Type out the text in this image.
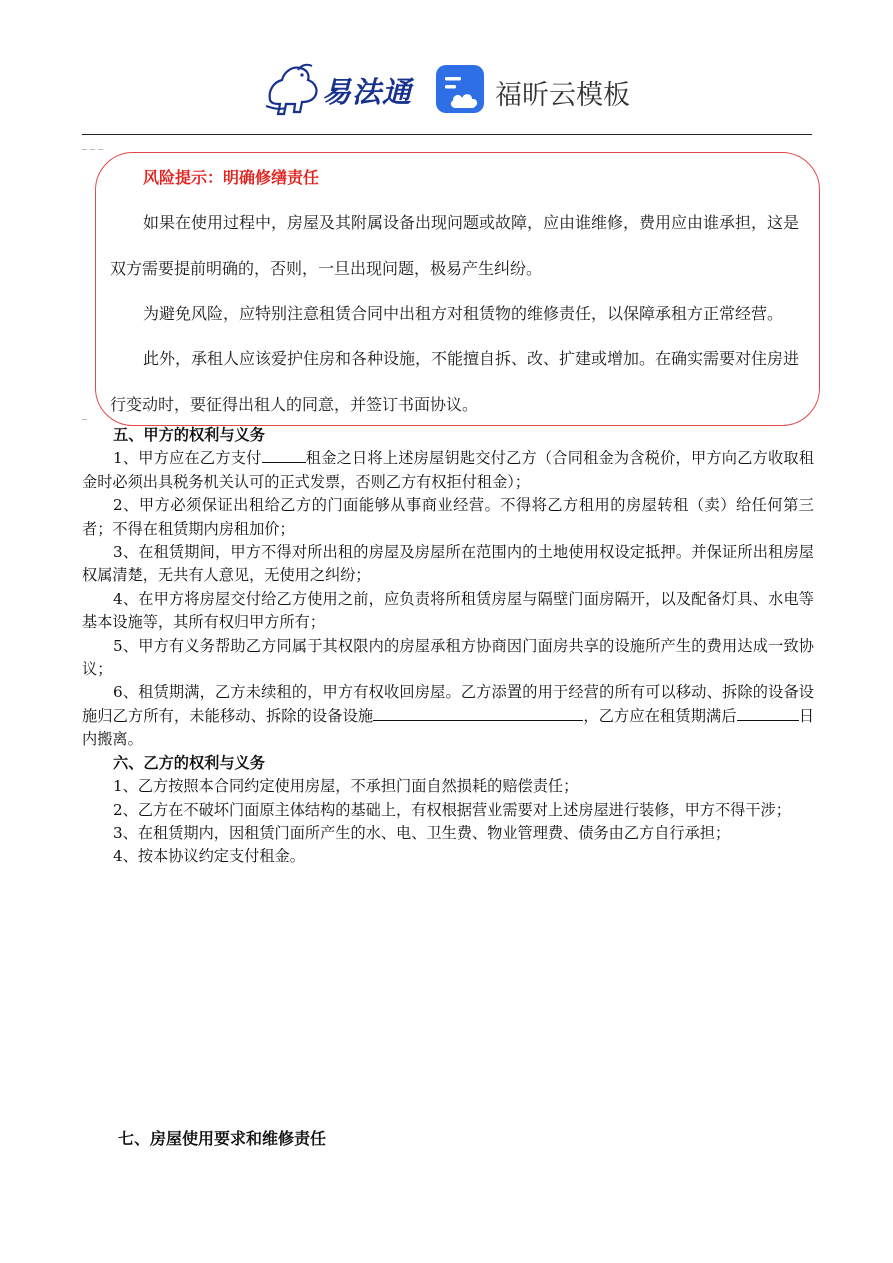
易法通	福昕云模板
_ _ _
_
风险提示：明确修缮责任
如果在使用过程中，房屋及其附属设备出现问题或故障，应由谁维修，费用应由谁承担，这是
双方需要提前明确的，否则，一旦出现问题，极易产生纠纷。
为避免风险，应特别注意租赁合同中出租方对租赁物的维修责任，以保障承租方正常经营。
此外，承租人应该爱护住房和各种设施，不能擅自拆、改、扩建或增加。在确实需要对住房进
行变动时，要征得出租人的同意，并签订书面协议。

五、甲方的权利与义务

1、甲方应在乙方支付	租金之日将上述房屋钥匙交付乙方（合同租金为含税价，甲方向乙方收取租金时必须出具税务机关认可的正式发票，否则乙方有权拒付租金）；

2、甲方必须保证出租给乙方的门面能够从事商业经营。不得将乙方租用的房屋转租（卖）给任何第三者；不得在租赁期内房租加价；

3、在租赁期间，甲方不得对所出租的房屋及房屋所在范围内的土地使用权设定抵押。并保证所出租房屋权属清楚，无共有人意见，无使用之纠纷；

4、在甲方将房屋交付给乙方使用之前，应负责将所租赁房屋与隔壁门面房隔开，以及配备灯具、水电等基本设施等，其所有权归甲方所有；

5、甲方有义务帮助乙方同属于其权限内的房屋承租方协商因门面房共享的设施所产生的费用达成一致协议；

6、租赁期满，乙方未续租的，甲方有权收回房屋。乙方添置的用于经营的所有可以移动、拆除的设备设施归乙方所有，未能移动、拆除的设备设施	，乙方应在租赁期满后	日内搬离。

六、乙方的权利与义务

1、乙方按照本合同约定使用房屋，不承担门面自然损耗的赔偿责任；

2、乙方在不破坏门面原主体结构的基础上，有权根据营业需要对上述房屋进行装修，甲方不得干涉；

3、在租赁期内，因租赁门面所产生的水、电、卫生费、物业管理费、债务由乙方自行承担；

4、按本协议约定支付租金。

七、房屋使用要求和维修责任
